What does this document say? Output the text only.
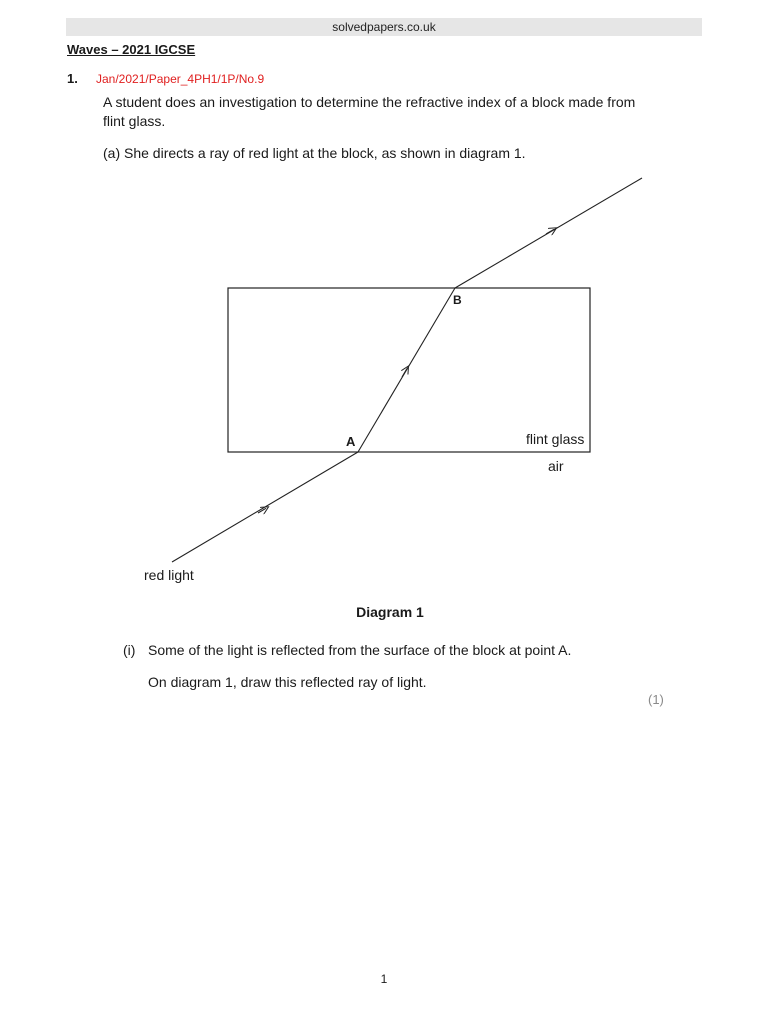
solvedpapers.co.uk
Waves – 2021 IGCSE
1. Jan/2021/Paper_4PH1/1P/No.9
A student does an investigation to determine the refractive index of a block made from flint glass.
(a) She directs a ray of red light at the block, as shown in diagram 1.
A
B
flint glass
air
red light
Diagram 1
(i) Some of the light is reflected from the surface of the block at point A.
On diagram 1, draw this reflected ray of light.
(1)
1
